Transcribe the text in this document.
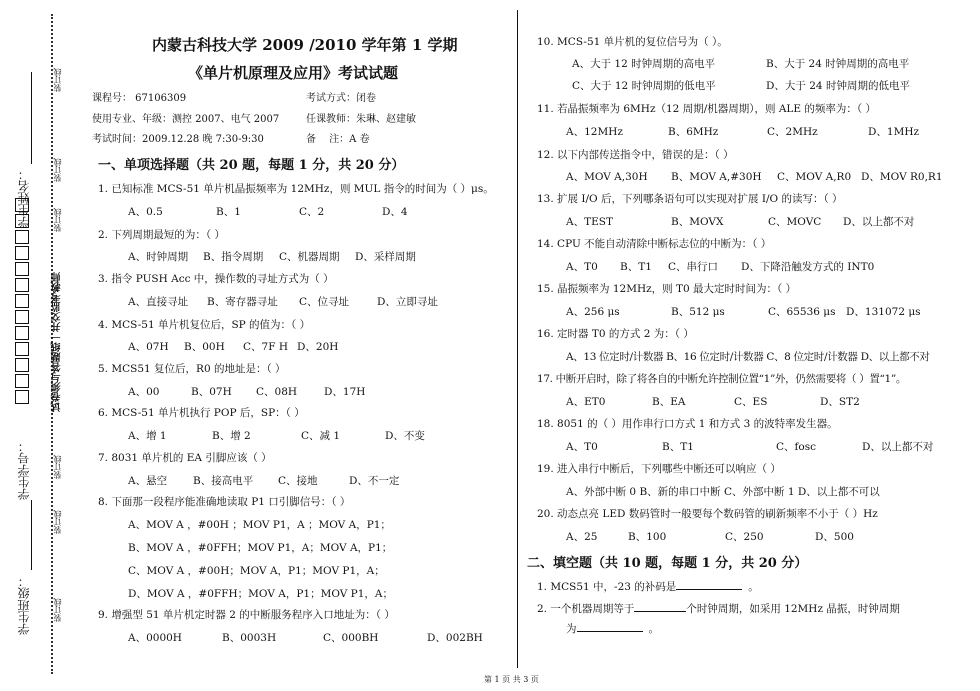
装订线
装订线
装订线
试卷须与答题纸一并交监考教师
装订线
装订线
装订线
学生姓名：
学生学号：
学生班级：
内蒙古科技大学 2009 /2010 学年第 1 学期
《单片机原理及应用》考试试题
课程号： 67106309	考试方式：闭卷
使用专业、年级：测控 2007、电气 2007	任课教师：朱琳、赵建敏
考试时间：2009.12.28 晚 7:30-9:30	备　 注：A 卷
一、单项选择题（共 20 题，每题 1 分，共 20 分）
1. 已知标准 MCS-51 单片机晶振频率为 12MHz，则 MUL 指令的时间为（ ）μs。
A、0.5	B、1	C、2	D、4
2. 下列周期最短的为：（ ）
A、时钟周期 B、指令周期 C、机器周期 D、采样周期
3. 指令 PUSH Acc 中，操作数的寻址方式为（ ）
A、直接寻址 B、寄存器寻址 C、位寻址	D、立即寻址
4. MCS-51 单片机复位后，SP 的值为：（ ）
A、07H B、00H C、7F H D、20H
5. MCS51 复位后，R0 的地址是：（ ）
A、00	B、07H C、08H	D、17H
6. MCS-51 单片机执行 POP 后，SP：（ ）
A、增 1	B、增 2	C、减 1	D、不变
7. 8031 单片机的 EA 引脚应该（ ）
A、悬空 B、接高电平 C、接地	D、不一定
8. 下面那一段程序能准确地读取 P1 口引脚信号：（ ）
A、MOV A ，#00H ；MOV P1，A ；MOV A，P1；
B、MOV A ，#0FFH；MOV P1，A；MOV A，P1；
C、MOV A ，#00H；MOV A，P1；MOV P1，A；
D、MOV A ，#0FFH；MOV A，P1；MOV P1，A；
9. 增强型 51 单片机定时器 2 的中断服务程序入口地址为：（ ）
A、0000H	B、0003H	C、000BH	D、002BH
10. MCS-51 单片机的复位信号为（ ）。
A、大于 12 时钟周期的高电平	B、大于 24 时钟周期的高电平
C、大于 12 时钟周期的低电平	D、大于 24 时钟周期的低电平
11. 若晶振频率为 6MHz（12 周期/机器周期），则 ALE 的频率为：（ ）
A、12MHz	B、6MHz	C、2MHz	D、1MHz
12. 以下内部传送指令中，错误的是：（ ）
A、MOV A,30H B、MOV A,#30H C、MOV A,R0 D、MOV R0,R1
13. 扩展 I/O 后，下列哪条语句可以实现对扩展 I/O 的读写：（ ）
A、TEST	B、MOVX	C、MOVC D、以上都不对
14. CPU 不能自动清除中断标志位的中断为：（ ）
A、T0 B、T1 C、串行口 D、下降沿触发方式的 INT0
15. 晶振频率为 12MHz，则 T0 最大定时时间为：（ ）
A、256 μs	B、512 μs	C、65536 μs D、131072 μs
16. 定时器 T0 的方式 2 为：（ ）
A、13 位定时/计数器 B、16 位定时/计数器 C、8 位定时/计数器 D、以上都不对
17. 中断开启时，除了将各自的中断允许控制位置“1”外，仍然需要将（ ）置“1”。
A、ET0	B、EA	C、ES	D、ST2
18. 8051 的（ ）用作串行口方式 1 和方式 3 的波特率发生器。
A、T0	B、T1	C、fosc	D、以上都不对
19. 进入串行中断后，下列哪些中断还可以响应（ ）
A、外部中断 0 B、新的串口中断 C、外部中断 1 D、以上都不可以
20. 动态点亮 LED 数码管时一般要每个数码管的刷新频率不小于（ ）Hz
A、25	B、100	C、250	D、500
二、填空题（共 10 题，每题 1 分，共 20 分）
1. MCS51 中，-23 的补码是	。
2. 一个机器周期等于	个时钟周期，如采用 12MHz 晶振，时钟周期
为	。
第 1 页 共 3 页
